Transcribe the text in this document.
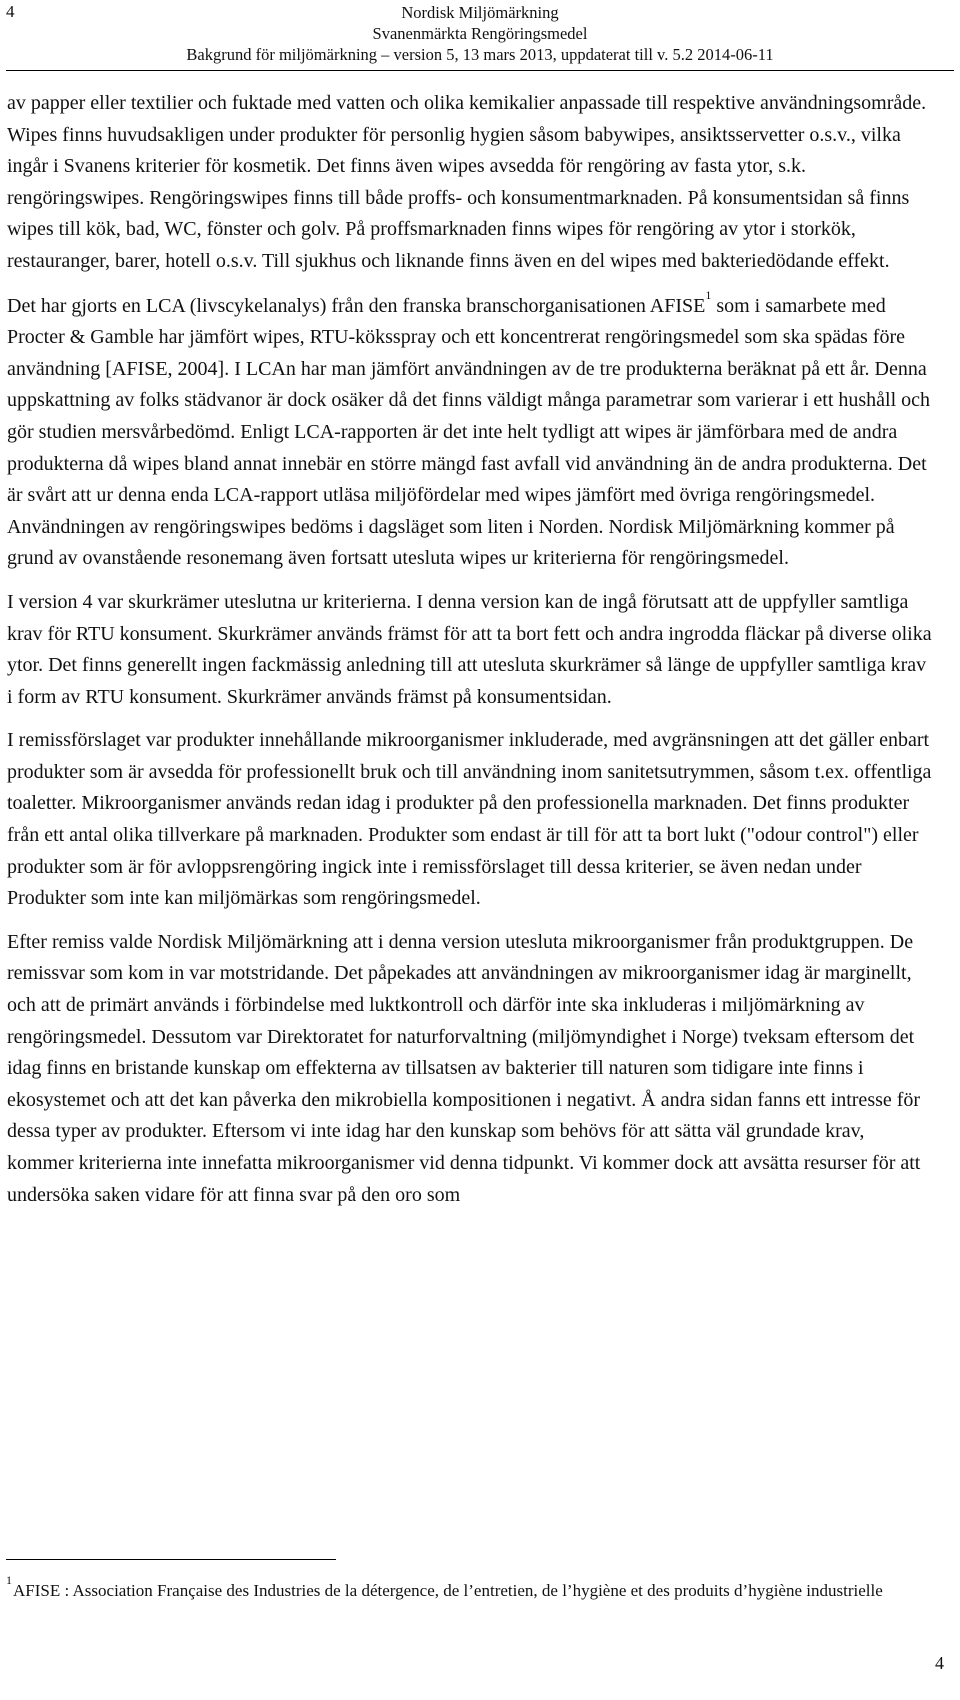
4	Nordisk Miljömärkning
Svanenmärkta Rengöringsmedel
Bakgrund för miljömärkning – version 5, 13 mars 2013, uppdaterat till v. 5.2 2014-06-11

av papper eller textilier och fuktade med vatten och olika kemikalier anpassade till respektive användningsområde. Wipes finns huvudsakligen under produkter för personlig hygien såsom babywipes, ansiktsservetter o.s.v., vilka ingår i Svanens kriterier för kosmetik. Det finns även wipes avsedda för rengöring av fasta ytor, s.k. rengöringswipes. Rengöringswipes finns till både proffs- och konsumentmarknaden. På konsumentsidan så finns wipes till kök, bad, WC, fönster och golv. På proffsmarknaden finns wipes för rengöring av ytor i storkök, restauranger, barer, hotell o.s.v. Till sjukhus och liknande finns även en del wipes med bakteriedödande effekt.

Det har gjorts en LCA (livscykelanalys) från den franska branschorganisationen AFISE$^1$ som i samarbete med Procter & Gamble har jämfört wipes, RTU-köksspray och ett koncentrerat rengöringsmedel som ska spädas före användning [AFISE, 2004]. I LCAn har man jämfört användningen av de tre produkterna beräknat på ett år. Denna uppskattning av folks städvanor är dock osäker då det finns väldigt många parametrar som varierar i ett hushåll och gör studien mersvårbedömd. Enligt LCA-rapporten är det inte helt tydligt att wipes är jämförbara med de andra produkterna då wipes bland annat innebär en större mängd fast avfall vid användning än de andra produkterna. Det är svårt att ur denna enda LCA-rapport utläsa miljöfördelar med wipes jämfört med övriga rengöringsmedel. Användningen av rengöringswipes bedöms i dagsläget som liten i Norden. Nordisk Miljömärkning kommer på grund av ovanstående resonemang även fortsatt utesluta wipes ur kriterierna för rengöringsmedel.

I version 4 var skurkrämer uteslutna ur kriterierna. I denna version kan de ingå förutsatt att de uppfyller samtliga krav för RTU konsument. Skurkrämer används främst för att ta bort fett och andra ingrodda fläckar på diverse olika ytor. Det finns generellt ingen fackmässig anledning till att utesluta skurkrämer så länge de uppfyller samtliga krav i form av RTU konsument. Skurkrämer används främst på konsumentsidan.

I remissförslaget var produkter innehållande mikroorganismer inkluderade, med avgränsningen att det gäller enbart produkter som är avsedda för professionellt bruk och till användning inom sanitetsutrymmen, såsom t.ex. offentliga toaletter. Mikroorganismer används redan idag i produkter på den professionella marknaden. Det finns produkter från ett antal olika tillverkare på marknaden. Produkter som endast är till för att ta bort lukt ("odour control") eller produkter som är för avloppsrengöring ingick inte i remissförslaget till dessa kriterier, se även nedan under Produkter som inte kan miljömärkas som rengöringsmedel.

Efter remiss valde Nordisk Miljömärkning att i denna version utesluta mikroorganismer från produktgruppen. De remissvar som kom in var motstridande. Det påpekades att användningen av mikroorganismer idag är marginellt, och att de primärt används i förbindelse med luktkontroll och därför inte ska inkluderas i miljömärkning av rengöringsmedel. Dessutom var Direktoratet for naturforvaltning (miljömyndighet i Norge) tveksam eftersom det idag finns en bristande kunskap om effekterna av tillsatsen av bakterier till naturen som tidigare inte finns i ekosystemet och att det kan påverka den mikrobiella kompositionen i negativt. Å andra sidan fanns ett intresse för dessa typer av produkter. Eftersom vi inte idag har den kunskap som behövs för att sätta väl grundade krav, kommer kriterierna inte innefatta mikroorganismer vid denna tidpunkt. Vi kommer dock att avsätta resurser för att undersöka saken vidare för att finna svar på den oro som

$^1$AFISE : Association Française des Industries de la détergence, de l’entretien, de l’hygiène et des produits d’hygiène industrielle
4
